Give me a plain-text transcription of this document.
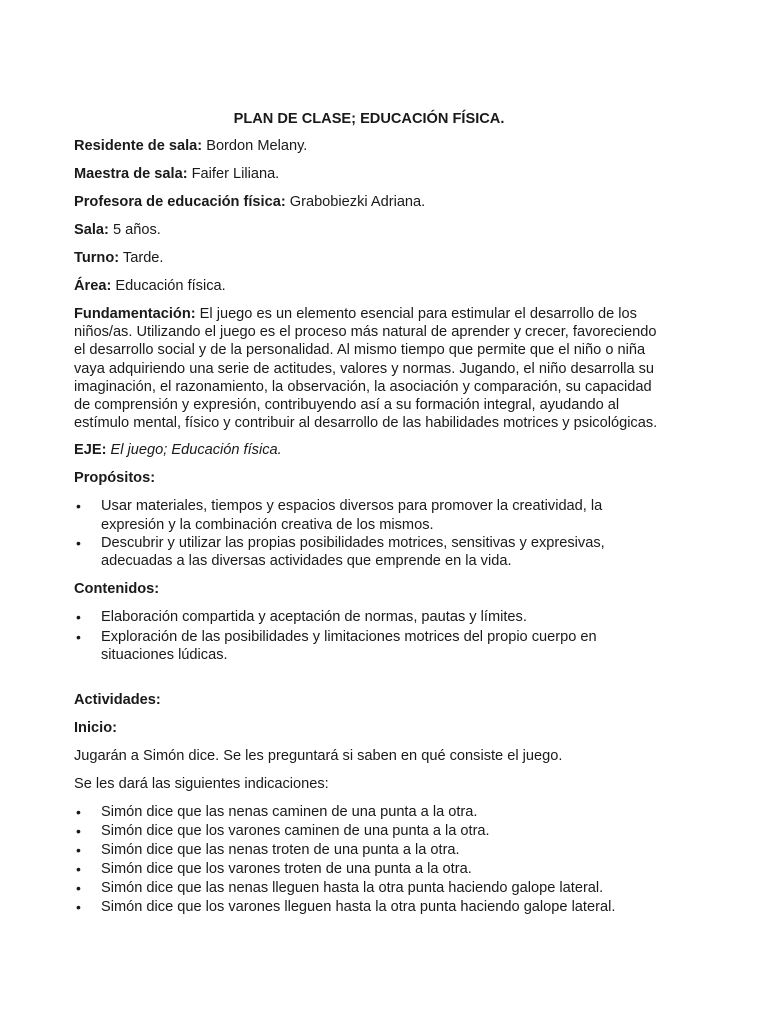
PLAN DE CLASE; EDUCACIÓN FÍSICA.

Residente de sala: Bordon Melany.

Maestra de sala: Faifer Liliana.

Profesora de educación física: Grabobiezki Adriana.

Sala: 5 años.

Turno: Tarde.

Área: Educación física.

Fundamentación: El juego es un elemento esencial para estimular el desarrollo de los niños/as. Utilizando el juego es el proceso más natural de aprender y crecer, favoreciendo el desarrollo social y de la personalidad. Al mismo tiempo que permite que el niño o niña vaya adquiriendo una serie de actitudes, valores y normas. Jugando, el niño desarrolla su imaginación, el razonamiento, la observación, la asociación y comparación, su capacidad de comprensión y expresión, contribuyendo así a su formación integral, ayudando al estímulo mental, físico y contribuir al desarrollo de las habilidades motrices y psicológicas.

EJE: El juego; Educación física.

Propósitos:
• Usar materiales, tiempos y espacios diversos para promover la creatividad, la expresión y la combinación creativa de los mismos.
• Descubrir y utilizar las propias posibilidades motrices, sensitivas y expresivas, adecuadas a las diversas actividades que emprende en la vida.
Contenidos:
• Elaboración compartida y aceptación de normas, pautas y límites.
• Exploración de las posibilidades y limitaciones motrices del propio cuerpo en situaciones lúdicas.
Actividades:
Inicio:

Jugarán a Simón dice. Se les preguntará si saben en qué consiste el juego.

Se les dará las siguientes indicaciones:

• Simón dice que las nenas caminen de una punta a la otra.
• Simón dice que los varones caminen de una punta a la otra.
• Simón dice que las nenas troten de una punta a la otra.
• Simón dice que los varones troten de una punta a la otra.
• Simón dice que las nenas lleguen hasta la otra punta haciendo galope lateral.
• Simón dice que los varones lleguen hasta la otra punta haciendo galope lateral.
